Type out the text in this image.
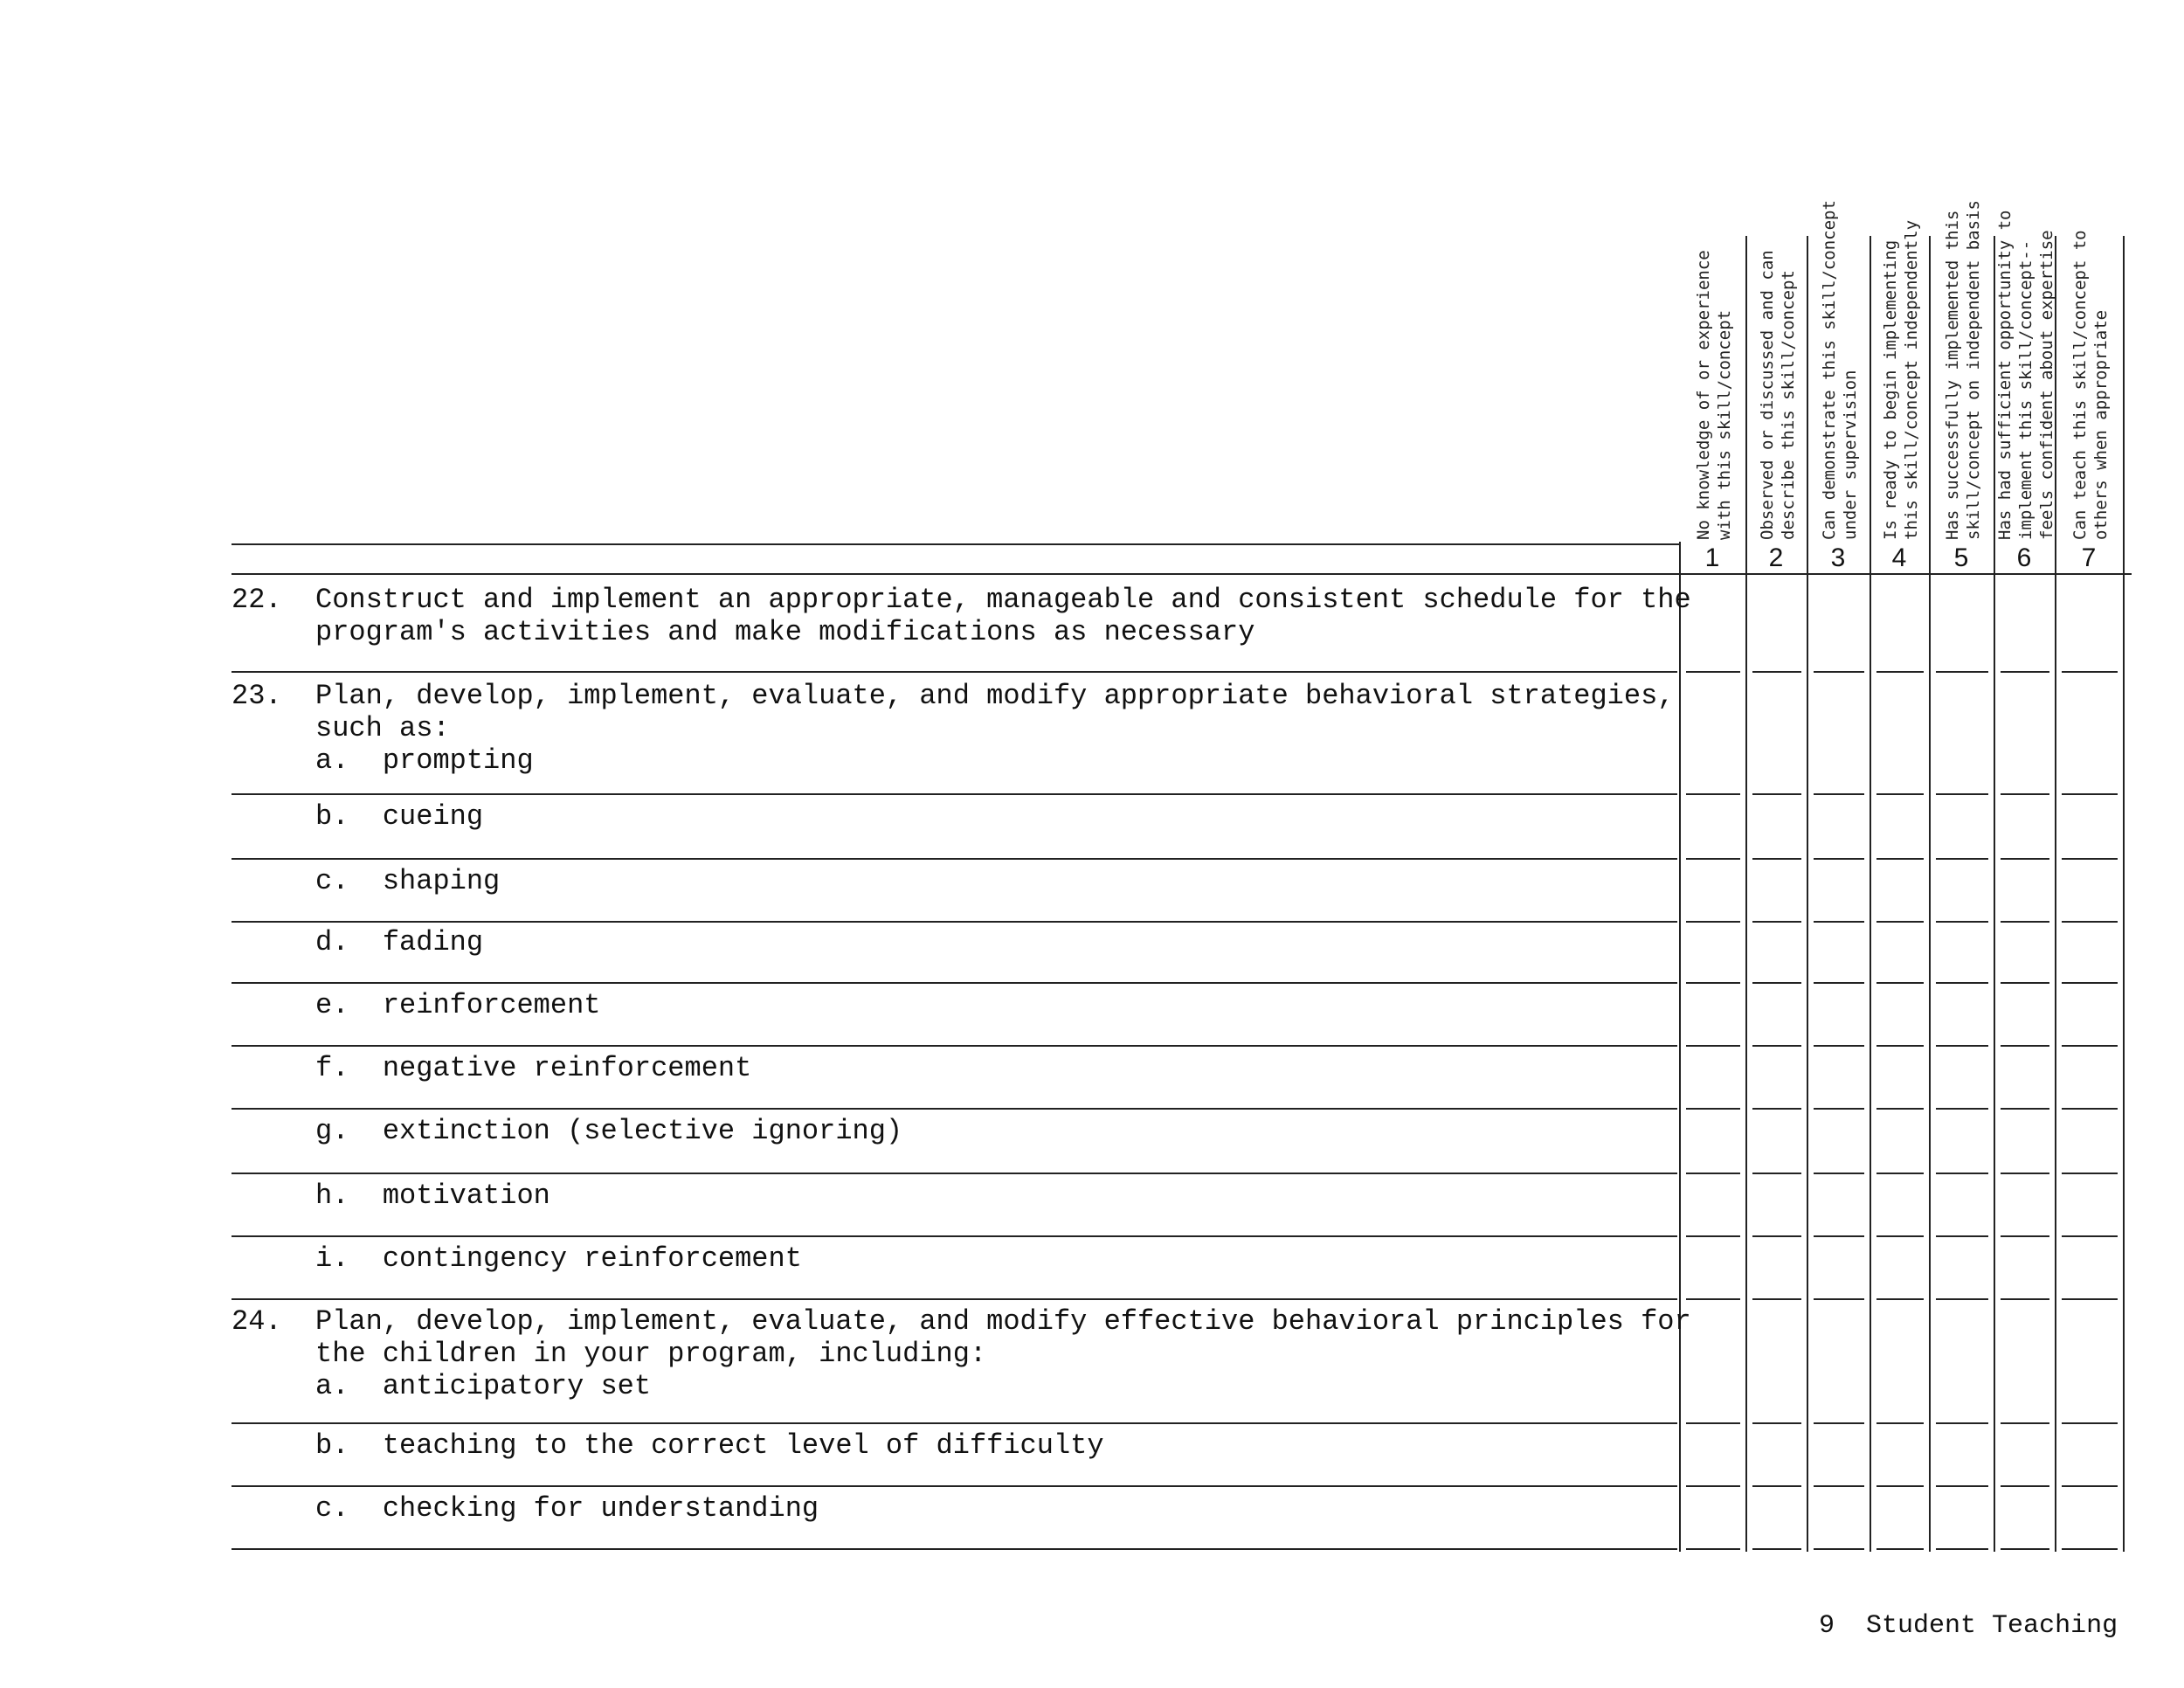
No knowledge of or experience with this skill/concept
1
Observed or discussed and can describe this skill/concept
2
Can demonstrate this skill/concept under supervision
3
Is ready to begin implementing this skill/concept independently
4
Has successfully implemented this skill/concept on independent basis
5
Has had sufficient opportunity to implement this skill/concept-- feels confident about expertise
6
Can teach this skill/concept to others when appropriate
7
22.  Construct and implement an appropriate, manageable and consistent schedule for the
program's activities and make modifications as necessary
23.  Plan, develop, implement, evaluate, and modify appropriate behavioral strategies,
such as:
a.  prompting
b.  cueing
c.  shaping
d.  fading
e.  reinforcement
f.  negative reinforcement
g.  extinction (selective ignoring)
h.  motivation
i.  contingency reinforcement
24.  Plan, develop, implement, evaluate, and modify effective behavioral principles for
the children in your program, including:
a.  anticipatory set
b.  teaching to the correct level of difficulty
c.  checking for understanding
9 Student Teaching
